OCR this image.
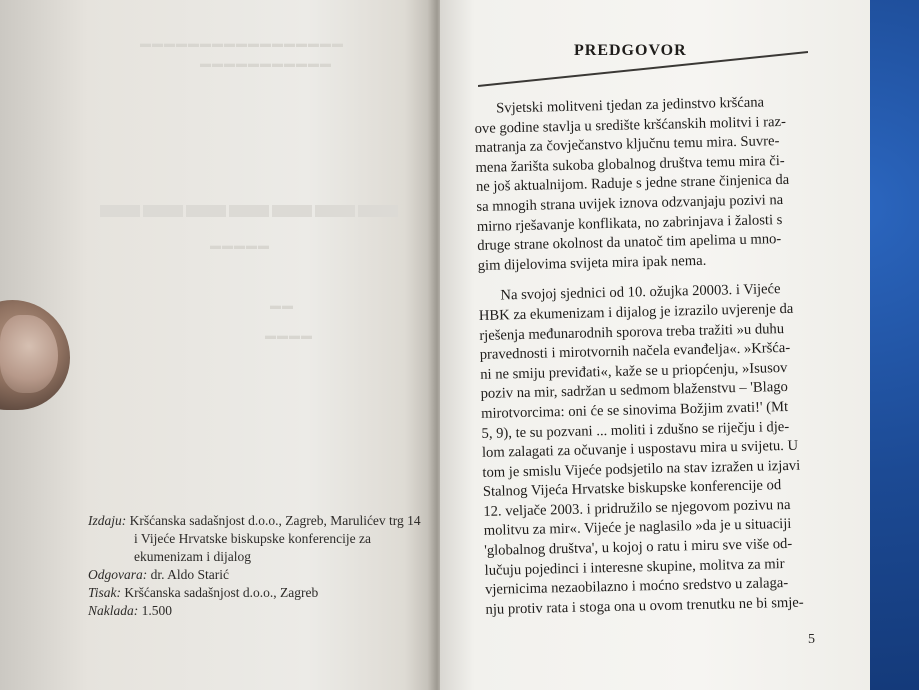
▬▬▬▬▬▬▬▬▬▬▬▬▬▬▬▬▬
▬▬▬▬▬▬▬▬▬▬▬
▬▬▬▬▬▬▬
▬▬▬▬▬
▬▬
▬▬▬▬
Izdaju: Kršćanska sadašnjost d.o.o., Zagreb, Marulićev trg 14
i Vijeće Hrvatske biskupske konferencije za
ekumenizam i dijalog
Odgovara: dr. Aldo Starić
Tisak: Kršćanska sadašnjost d.o.o., Zagreb
Naklada: 1.500
PREDGOVOR
Svjetski molitveni tjedan za jedinstvo kršćana
ove godine stavlja u središte kršćanskih molitvi i raz-
matranja za čovječanstvo ključnu temu mira. Suvre-
mena žarišta sukoba globalnog društva temu mira či-
ne još aktualnijom. Raduje s jedne strane činjenica da
sa mnogih strana uvijek iznova odzvanjaju pozivi na
mirno rješavanje konflikata, no zabrinjava i žalosti s
druge strane okolnost da unatoč tim apelima u mno-
gim dijelovima svijeta mira ipak nema.
Na svojoj sjednici od 10. ožujka 20003. i Vijeće
HBK za ekumenizam i dijalog je izrazilo uvjerenje da
rješenja međunarodnih sporova treba tražiti »u duhu
pravednosti i mirotvornih načela evanđelja«. »Kršća-
ni ne smiju previđati«, kaže se u priopćenju, »Isusov
poziv na mir, sadržan u sedmom blaženstvu – 'Blago
mirotvorcima: oni će se sinovima Božjim zvati!' (Mt
5, 9), te su pozvani ... moliti i zdušno se riječju i dje-
lom zalagati za očuvanje i uspostavu mira u svijetu. U
tom je smislu Vijeće podsjetilo na stav izražen u izjavi
Stalnog Vijeća Hrvatske biskupske konferencije od
12. veljače 2003. i pridružilo se njegovom pozivu na
molitvu za mir«. Vijeće je naglasilo »da je u situaciji
'globalnog društva', u kojoj o ratu i miru sve više od-
lučuju pojedinci i interesne skupine, molitva za mir
vjernicima nezaobilazno i moćno sredstvo u zalaga-
nju protiv rata i stoga ona u ovom trenutku ne bi smje-
5
